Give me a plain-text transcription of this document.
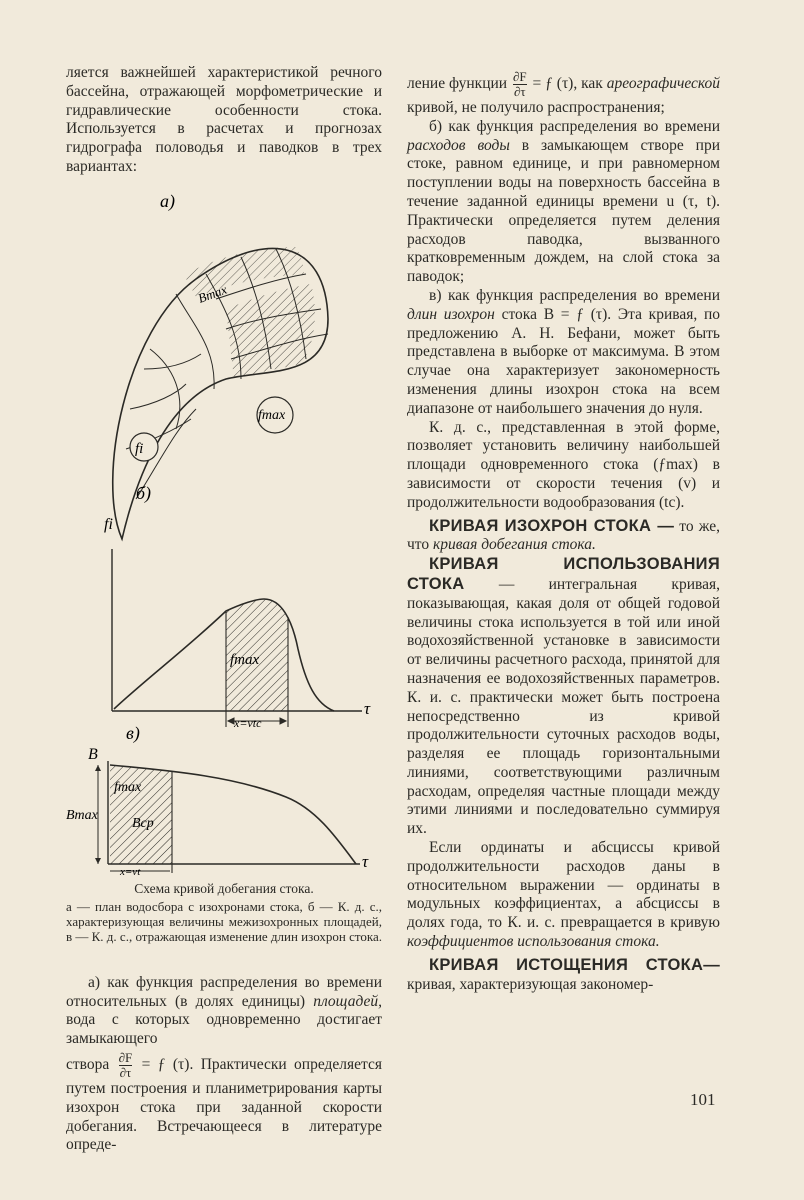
ляется важнейшей характеристикой речного бассейна, отражающей морфометрические и гидравлические особенности стока. Используется в расчетах и прогнозах гидрографа половодья и паводков в трех вариантах:

а)
fi
fmax
Bmax
б)
fi
fmax
x=vtc
τ
в)
B
fmax
Bcp
Bmax
τ
x=vt
Схема кривой добегания стока.
а — план водосбора с изохронами стока, б — К. д. с., характеризующая величины межизохронных площадей, в — К. д. с., отражающая изменение длин изохрон стока.

а) как функция распределения во времени относительных (в долях единицы) площадей, вода с которых одновременно достигает замыкающего

створа $\frac{\partial F}{\partial\tau}$ = ƒ (τ). Практически определяется путем построения и планиметрирования карты изохрон стока при заданной скорости добегания. Встречающееся в литературе опреде-

ление функции $\frac{\partial F}{\partial\tau}$ = ƒ (τ), как ареографической кривой, не получило распространения;

б) как функция распределения во времени расходов воды в замыкающем створе при стоке, равном единице, и при равномерном поступлении воды на поверхность бассейна в течение заданной единицы времени u (τ, t). Практически определяется путем деления расходов паводка, вызванного кратковременным дождем, на слой стока за паводок;

в) как функция распределения во времени длин изохрон стока B = ƒ (τ). Эта кривая, по предложению А. Н. Бефани, может быть представлена в выборке от максимума. В этом случае она характеризует закономерность изменения длины изохрон стока на всем диапазоне от наибольшего значения до нуля.

К. д. с., представленная в этой форме, позволяет установить величину наибольшей площади одновременного стока (ƒmax) в зависимости от скорости течения (v) и продолжительности водообразования (tc).

КРИВАЯ ИЗОХРОН СТОКА — то же, что кривая добегания стока.

КРИВАЯ ИСПОЛЬЗОВАНИЯ СТОКА — интегральная кривая, показывающая, какая доля от общей годовой величины стока используется в той или иной водохозяйственной установке в зависимости от величины расчетного расхода, принятой для назначения ее водохозяйственных параметров. К. и. с. практически может быть построена непосредственно из кривой продолжительности суточных расходов воды, разделяя ее площадь горизонтальными линиями, соответствующими различным расходам, определяя частные площади между этими линиями и последовательно суммируя их.

Если ординаты и абсциссы кривой продолжительности расходов даны в относительном выражении — ординаты в модульных коэффициентах, а абсциссы в долях года, то К. и. с. превращается в кривую коэффициентов использования стока.

КРИВАЯ ИСТОЩЕНИЯ СТОКА— кривая, характеризующая закономер-

101
